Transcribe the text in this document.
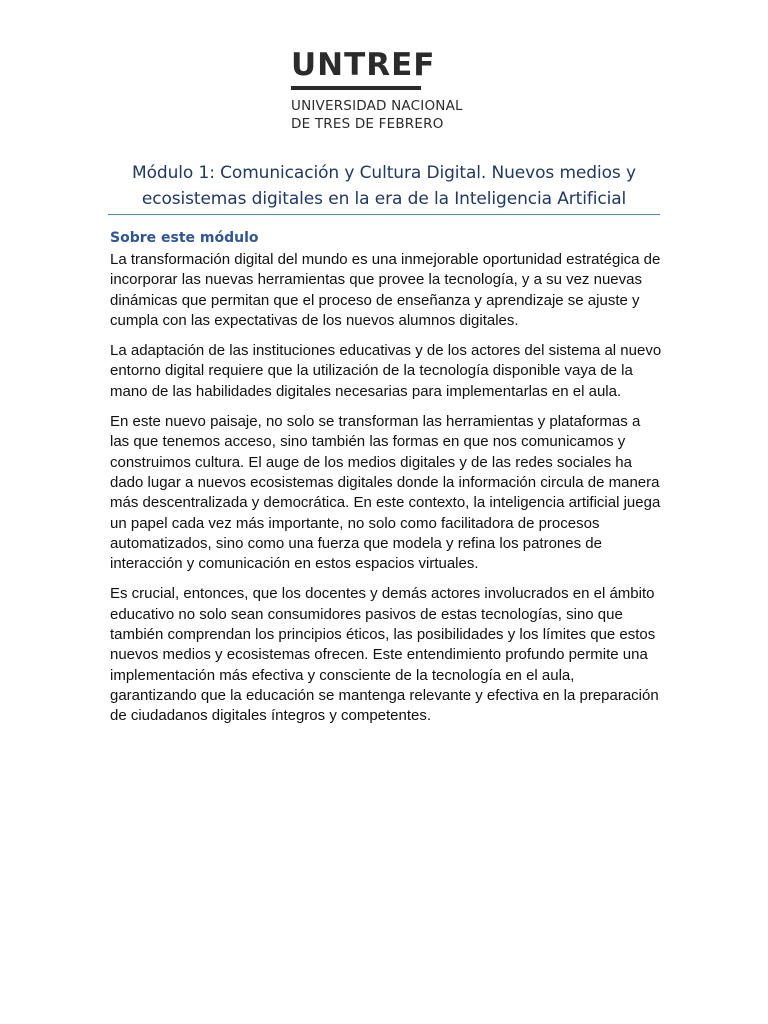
UNTREF
UNIVERSIDAD NACIONAL
DE TRES DE FEBRERO
Módulo 1: Comunicación y Cultura Digital. Nuevos medios y
ecosistemas digitales en la era de la Inteligencia Artificial
Sobre este módulo

La transformación digital del mundo es una inmejorable oportunidad estratégica de incorporar las nuevas herramientas que provee la tecnología, y a su vez nuevas dinámicas que permitan que el proceso de enseñanza y aprendizaje se ajuste y cumpla con las expectativas de los nuevos alumnos digitales.

La adaptación de las instituciones educativas y de los actores del sistema al nuevo entorno digital requiere que la utilización de la tecnología disponible vaya de la mano de las habilidades digitales necesarias para implementarlas en el aula.

En este nuevo paisaje, no solo se transforman las herramientas y plataformas a las que tenemos acceso, sino también las formas en que nos comunicamos y construimos cultura. El auge de los medios digitales y de las redes sociales ha dado lugar a nuevos ecosistemas digitales donde la información circula de manera más descentralizada y democrática. En este contexto, la inteligencia artificial juega un papel cada vez más importante, no solo como facilitadora de procesos automatizados, sino como una fuerza que modela y refina los patrones de interacción y comunicación en estos espacios virtuales.

Es crucial, entonces, que los docentes y demás actores involucrados en el ámbito educativo no solo sean consumidores pasivos de estas tecnologías, sino que también comprendan los principios éticos, las posibilidades y los límites que estos nuevos medios y ecosistemas ofrecen. Este entendimiento profundo permite una implementación más efectiva y consciente de la tecnología en el aula, garantizando que la educación se mantenga relevante y efectiva en la preparación de ciudadanos digitales íntegros y competentes.
